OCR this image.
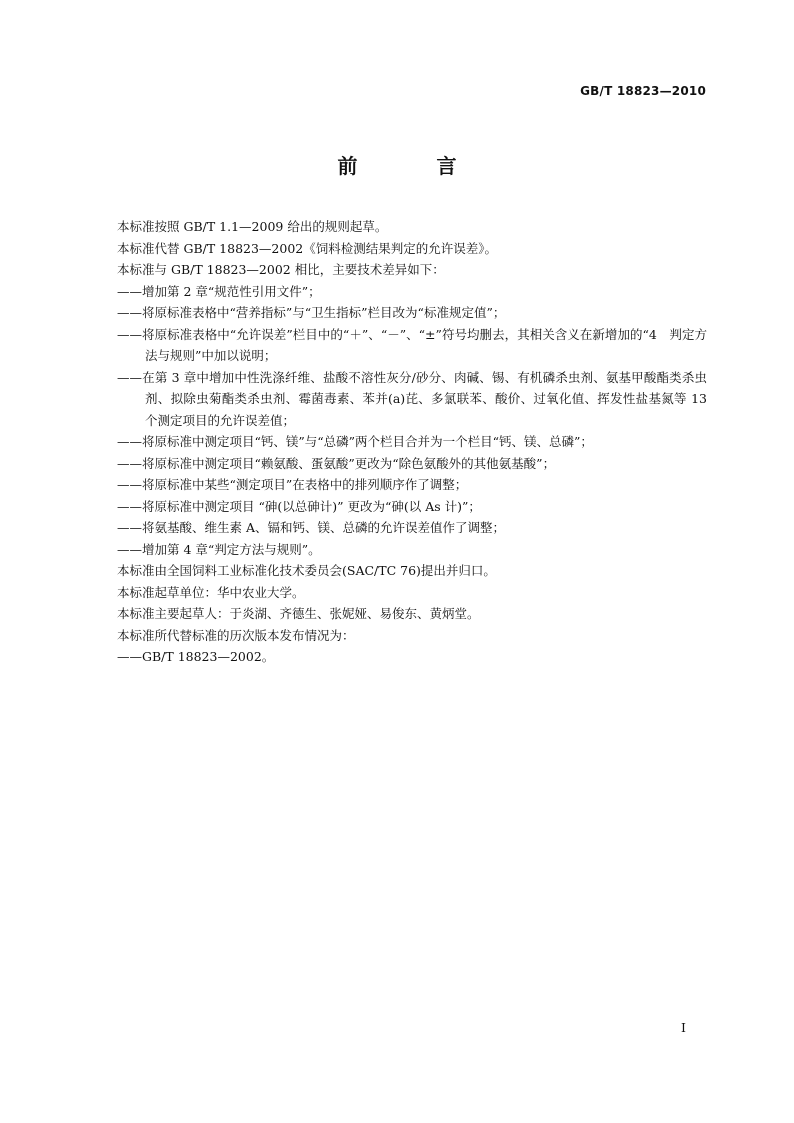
GB/T 18823—2010
前 言

本标准按照 GB/T 1.1—2009 给出的规则起草。

本标准代替 GB/T 18823—2002《饲料检测结果判定的允许误差》。

本标准与 GB/T 18823—2002 相比，主要技术差异如下：

——增加第 2 章“规范性引用文件”；

——将原标准表格中“营养指标”与“卫生指标”栏目改为“标准规定值”；

——将原标准表格中“允许误差”栏目中的“＋”、“－”、“±”符号均删去，其相关含义在新增加的“4　判定方法与规则”中加以说明；

——在第 3 章中增加中性洗涤纤维、盐酸不溶性灰分/砂分、肉碱、锡、有机磷杀虫剂、氨基甲酸酯类杀虫剂、拟除虫菊酯类杀虫剂、霉菌毒素、苯并(a)芘、多氯联苯、酸价、过氧化值、挥发性盐基氮等 13 个测定项目的允许误差值；

——将原标准中测定项目“钙、镁”与“总磷”两个栏目合并为一个栏目“钙、镁、总磷”；

——将原标准中测定项目“赖氨酸、蛋氨酸”更改为“除色氨酸外的其他氨基酸”；

——将原标准中某些“测定项目”在表格中的排列顺序作了调整；

——将原标准中测定项目 “砷(以总砷计)” 更改为“砷(以 As 计)”；

——将氨基酸、维生素 A、镉和钙、镁、总磷的允许误差值作了调整；

——增加第 4 章“判定方法与规则”。

本标准由全国饲料工业标准化技术委员会(SAC/TC 76)提出并归口。

本标准起草单位：华中农业大学。

本标准主要起草人：于炎湖、齐德生、张妮娅、易俊东、黄炳堂。

本标准所代替标准的历次版本发布情况为：

——GB/T 18823—2002。

I
